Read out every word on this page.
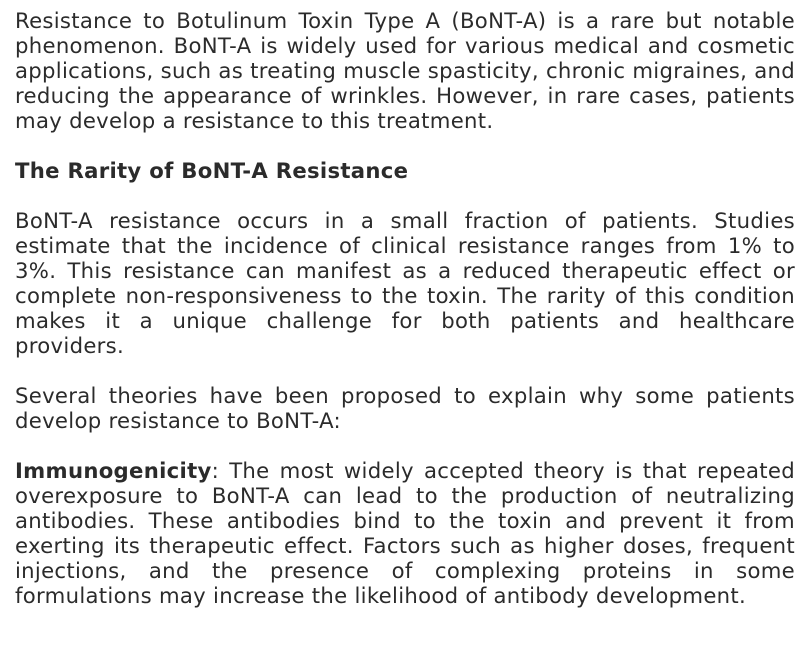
Resistance to Botulinum Toxin Type A (BoNT-A) is a rare but notable phenomenon. BoNT-A is widely used for various medical and cosmetic applications, such as treating muscle spasticity, chronic migraines, and reducing the appearance of wrinkles. However, in rare cases, patients may develop a resistance to this treatment.

The Rarity of BoNT-A Resistance

BoNT-A resistance occurs in a small fraction of patients. Studies estimate that the incidence of clinical resistance ranges from 1% to 3%. This resistance can manifest as a reduced therapeutic effect or complete non-responsiveness to the toxin. The rarity of this condition makes it a unique challenge for both patients and healthcare providers.

Several theories have been proposed to explain why some patients develop resistance to BoNT-A:

Immunogenicity: The most widely accepted theory is that repeated overexposure to BoNT-A can lead to the production of neutralizing antibodies. These antibodies bind to the toxin and prevent it from exerting its therapeutic effect. Factors such as higher doses, frequent injections, and the presence of complexing proteins in some formulations may increase the likelihood of antibody development.
